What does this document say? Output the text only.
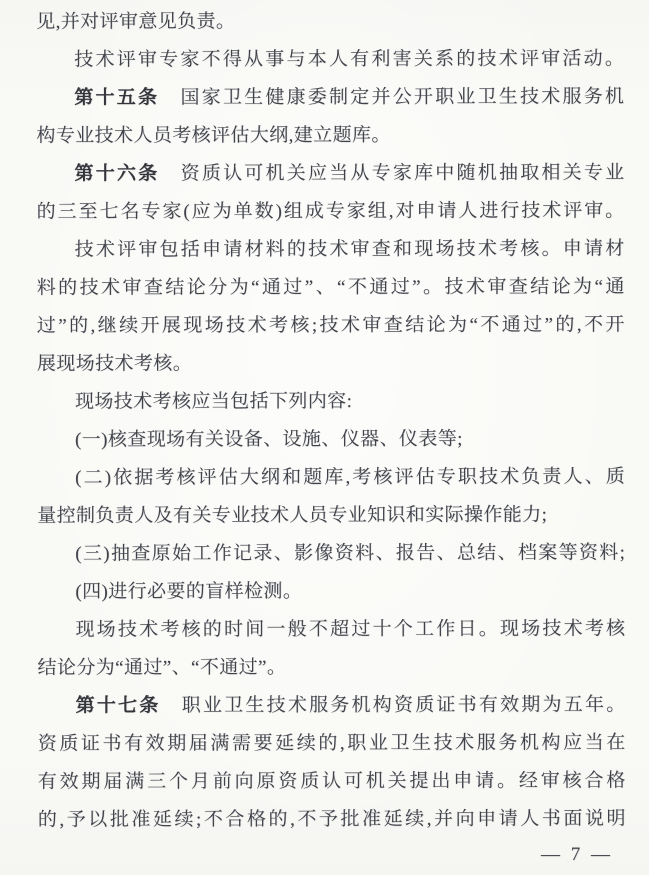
见,并对评审意见负责。
技术评审专家不得从事与本人有利害关系的技术评审活动。
第十五条　国家卫生健康委制定并公开职业卫生技术服务机
构专业技术人员考核评估大纲,建立题库。
第十六条　资质认可机关应当从专家库中随机抽取相关专业
的三至七名专家(应为单数)组成专家组,对申请人进行技术评审。
技术评审包括申请材料的技术审查和现场技术考核。申请材
料的技术审查结论分为“通过”、“不通过”。技术审查结论为“通
过”的,继续开展现场技术考核;技术审查结论为“不通过”的,不开
展现场技术考核。
现场技术考核应当包括下列内容:
(一)核查现场有关设备、设施、仪器、仪表等;
(二)依据考核评估大纲和题库,考核评估专职技术负责人、质
量控制负责人及有关专业技术人员专业知识和实际操作能力;
(三)抽查原始工作记录、影像资料、报告、总结、档案等资料;
(四)进行必要的盲样检测。
现场技术考核的时间一般不超过十个工作日。现场技术考核
结论分为“通过”、“不通过”。
第十七条　职业卫生技术服务机构资质证书有效期为五年。
资质证书有效期届满需要延续的,职业卫生技术服务机构应当在
有效期届满三个月前向原资质认可机关提出申请。经审核合格
的,予以批准延续;不合格的,不予批准延续,并向申请人书面说明
— 7 —
